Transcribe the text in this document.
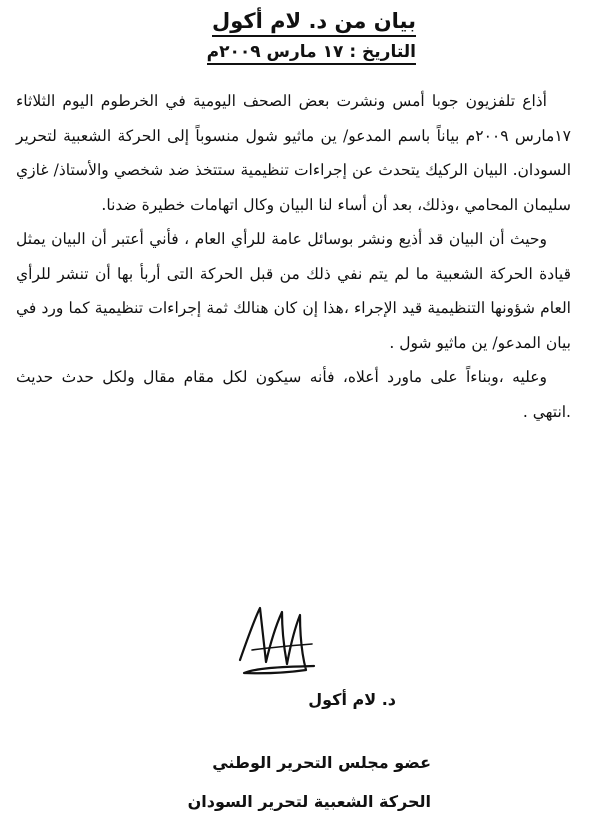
بيان من د. لام أكول
التاريخ : ١٧ مارس ٢٠٠٩م

أذاع تلفزيون جوبا أمس ونشرت بعض الصحف اليومية في الخرطوم اليوم الثلاثاء ١٧مارس ٢٠٠٩م بياناً باسم المدعو/ ين ماثيو شول منسوباً إلى الحركة الشعبية لتحرير السودان. البيان الركيك يتحدث عن إجراءات تنظيمية ستتخذ ضد شخصي والأستاذ/ غازي سليمان المحامي ،وذلك، بعد أن أساء لنا البيان وكال اتهامات خطيرة ضدنا.

وحيث أن البيان قد أذيع ونشر بوسائل عامة للرأي العام ، فأني أعتبر أن البيان يمثل قيادة الحركة الشعبية ما لم يتم نفي ذلك من قبل الحركة التى أربأ بها أن تنشر للرأي العام شؤونها التنظيمية قيد الإجراء ،هذا إن كان هنالك ثمة إجراءات تنظيمية كما ورد في بيان المدعو/ ين ماثيو شول .

وعليه ،وبناءاً على ماورد أعلاه، فأنه سيكون لكل مقام مقال ولكل حدث حديث .انتهي .

د. لام أكول
عضو مجلس التحرير الوطني
الحركة الشعبية لتحرير السودان
